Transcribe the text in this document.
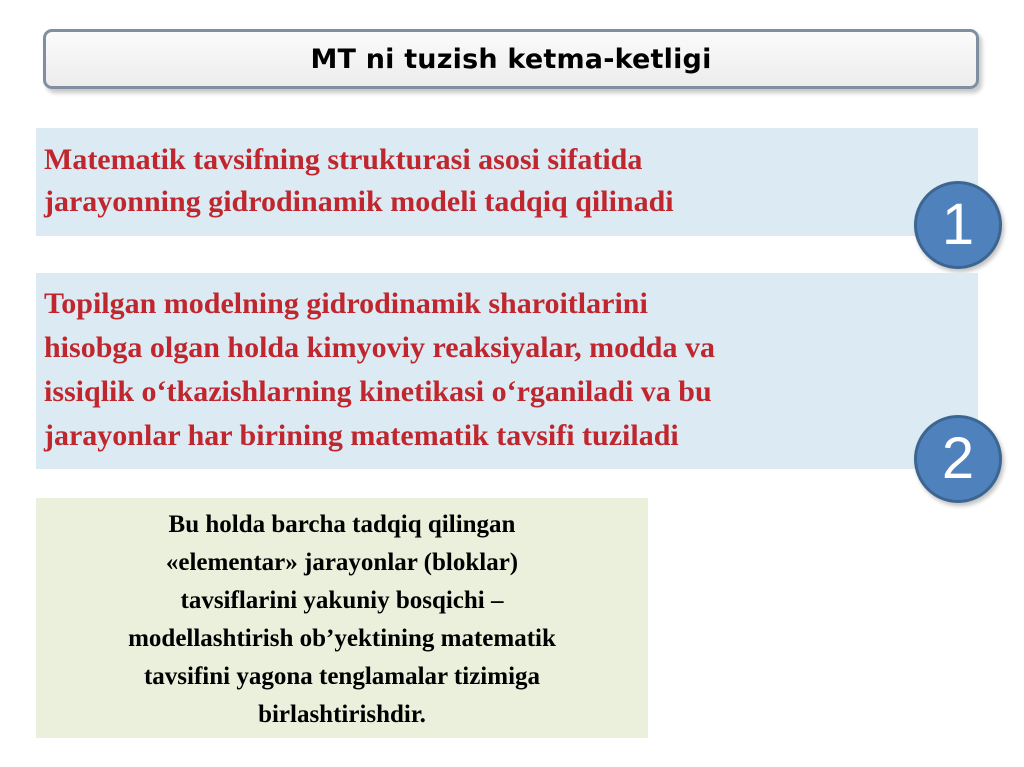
MT ni tuzish ketma-ketligi

Matematik tavsifning strukturasi asosi sifatida
jarayonning gidrodinamik modeli tadqiq qilinadi	1

Topilgan modelning gidrodinamik sharoitlarini
hisobga olgan holda kimyoviy reaksiyalar, modda va
issiqlik o‘tkazishlarning kinetikasi o‘rganiladi va bu
jarayonlar har birining matematik tavsifi tuziladi	2

Bu holda barcha tadqiq qilingan
«elementar» jarayonlar (bloklar)
tavsiflarini yakuniy bosqichi –
modellashtirish ob’yektining matematik
tavsifini yagona tenglamalar tizimiga
birlashtirishdir.
